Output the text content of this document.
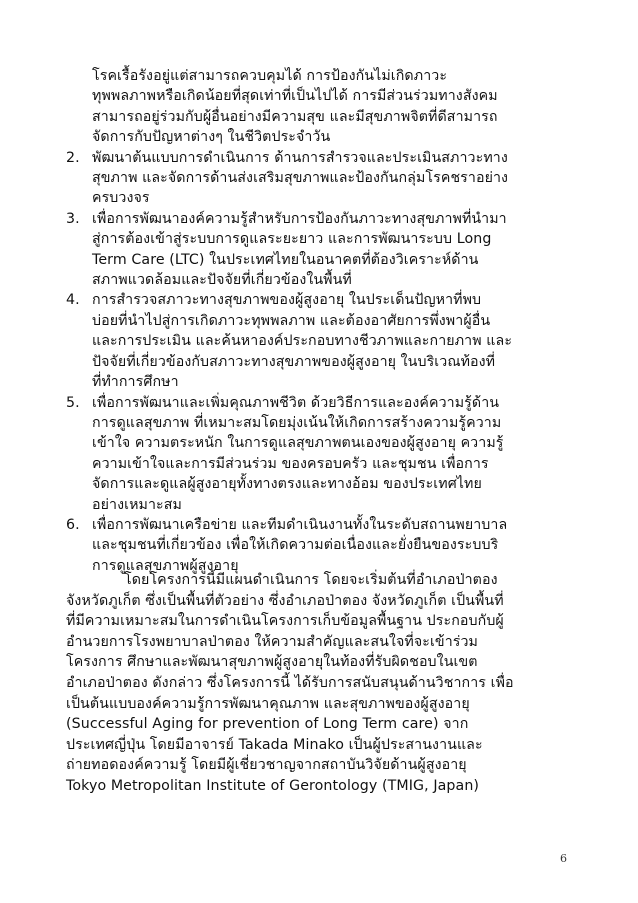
โรคเรื้อรังอยู่แต่สามารถควบคุมได้ การป้องกันไม่เกิดภาวะ
ทุพพลภาพหรือเกิดน้อยที่สุดเท่าที่เป็นไปได้ การมีส่วนร่วมทางสังคม
สามารถอยู่ร่วมกับผู้อื่นอย่างมีความสุข และมีสุขภาพจิตที่ดีสามารถ
จัดการกับปัญหาต่างๆ ในชีวิตประจำวัน
2. พัฒนาต้นแบบการดำเนินการ ด้านการสำรวจและประเมินสภาวะทาง
สุขภาพ และจัดการด้านส่งเสริมสุขภาพและป้องกันกลุ่มโรคชราอย่าง
ครบวงจร
3. เพื่อการพัฒนาองค์ความรู้สำหรับการป้องกันภาวะทางสุขภาพที่นำมา
สู่การต้องเข้าสู่ระบบการดูแลระยะยาว และการพัฒนาระบบ Long
Term Care (LTC) ในประเทศไทยในอนาคตที่ต้องวิเคราะห์ด้าน
สภาพแวดล้อมและปัจจัยที่เกี่ยวข้องในพื้นที่
4. การสำรวจสภาวะทางสุขภาพของผู้สูงอายุ ในประเด็นปัญหาที่พบ
บ่อยที่นำไปสู่การเกิดภาวะทุพพลภาพ และต้องอาศัยการพึ่งพาผู้อื่น
และการประเมิน และค้นหาองค์ประกอบทางชีวภาพและกายภาพ และ
ปัจจัยที่เกี่ยวข้องกับสภาวะทางสุขภาพของผู้สูงอายุ ในบริเวณท้องที่
ที่ทำการศึกษา
5. เพื่อการพัฒนาและเพิ่มคุณภาพชีวิต ด้วยวิธีการและองค์ความรู้ด้าน
การดูแลสุขภาพ ที่เหมาะสมโดยมุ่งเน้นให้เกิดการสร้างความรู้ความ
เข้าใจ ความตระหนัก ในการดูแลสุขภาพตนเองของผู้สูงอายุ ความรู้
ความเข้าใจและการมีส่วนร่วม ของครอบครัว และชุมชน เพื่อการ
จัดการและดูแลผู้สูงอายุทั้งทางตรงและทางอ้อม ของประเทศไทย
อย่างเหมาะสม
6. เพื่อการพัฒนาเครือข่าย และทีมดำเนินงานทั้งในระดับสถานพยาบาล
และชุมชนที่เกี่ยวข้อง เพื่อให้เกิดความต่อเนื่องและยั่งยืนของระบบริ
การดูแลสุขภาพผู้สูงอายุ
โดยโครงการนี้มีแผนดำเนินการ โดยจะเริ่มต้นที่อำเภอป่าตอง
จังหวัดภูเก็ต ซึ่งเป็นพื้นที่ตัวอย่าง ซึ่งอำเภอป่าตอง จังหวัดภูเก็ต เป็นพื้นที่
ที่มีความเหมาะสมในการดำเนินโครงการเก็บข้อมูลพื้นฐาน ประกอบกับผู้
อำนวยการโรงพยาบาลป่าตอง ให้ความสำคัญและสนใจที่จะเข้าร่วม
โครงการ ศึกษาและพัฒนาสุขภาพผู้สูงอายุในท้องที่รับผิดชอบในเขต
อำเภอป่าตอง ดังกล่าว ซึ่งโครงการนี้ ได้รับการสนับสนุนด้านวิชาการ เพื่อ
เป็นต้นแบบองค์ความรู้การพัฒนาคุณภาพ และสุขภาพของผู้สูงอายุ
(Successful Aging for prevention of Long Term care) จาก
ประเทศญี่ปุ่น โดยมีอาจารย์ Takada Minako เป็นผู้ประสานงานและ
ถ่ายทอดองค์ความรู้ โดยมีผู้เชี่ยวชาญจากสถาบันวิจัยด้านผู้สูงอายุ
Tokyo Metropolitan Institute of Gerontology (TMIG, Japan)
6
